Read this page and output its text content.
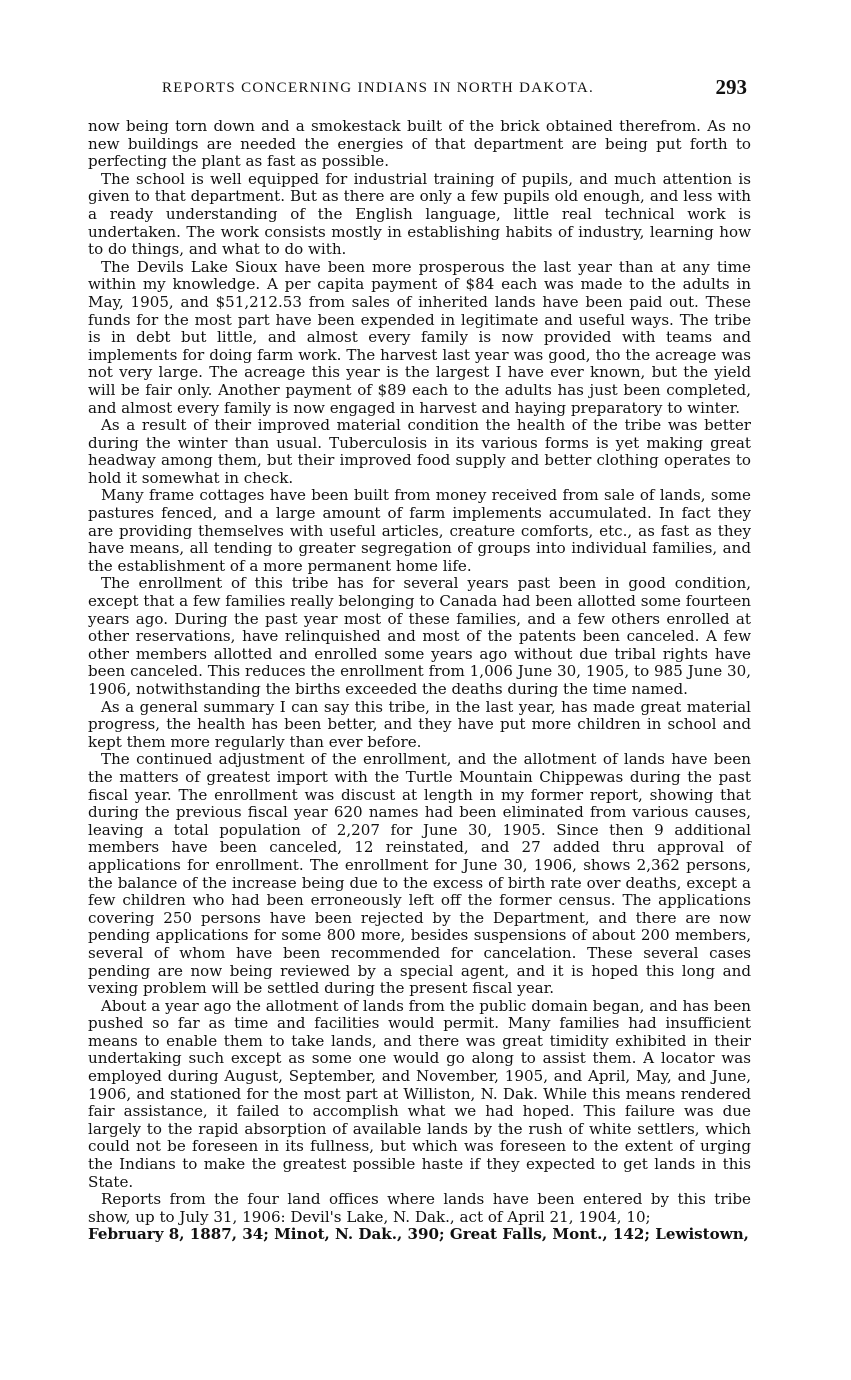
REPORTS CONCERNING INDIANS IN NORTH DAKOTA.	293

now being torn down and a smokestack built of the brick obtained therefrom. As no new buildings are needed the energies of that department are being put forth to perfecting the plant as fast as possible.

The school is well equipped for industrial training of pupils, and much attention is given to that department. But as there are only a few pupils old enough, and less with a ready understanding of the English language, little real technical work is undertaken. The work consists mostly in establishing habits of industry, learning how to do things, and what to do with.

The Devils Lake Sioux have been more prosperous the last year than at any time within my knowledge. A per capita payment of $84 each was made to the adults in May, 1905, and $51,212.53 from sales of inherited lands have been paid out. These funds for the most part have been expended in legitimate and useful ways. The tribe is in debt but little, and almost every family is now provided with teams and implements for doing farm work. The harvest last year was good, tho the acreage was not very large. The acreage this year is the largest I have ever known, but the yield will be fair only. Another payment of $89 each to the adults has just been completed, and almost every family is now engaged in harvest and haying preparatory to winter.

As a result of their improved material condition the health of the tribe was better during the winter than usual. Tuberculosis in its various forms is yet making great headway among them, but their improved food supply and better clothing operates to hold it somewhat in check.

Many frame cottages have been built from money received from sale of lands, some pastures fenced, and a large amount of farm implements accumulated. In fact they are providing themselves with useful articles, creature comforts, etc., as fast as they have means, all tending to greater segregation of groups into individual families, and the establishment of a more permanent home life.

The enrollment of this tribe has for several years past been in good condition, except that a few families really belonging to Canada had been allotted some fourteen years ago. During the past year most of these families, and a few others enrolled at other reservations, have relinquished and most of the patents been canceled. A few other members allotted and enrolled some years ago without due tribal rights have been canceled. This reduces the enrollment from 1,006 June 30, 1905, to 985 June 30, 1906, notwithstanding the births exceeded the deaths during the time named.

As a general summary I can say this tribe, in the last year, has made great material progress, the health has been better, and they have put more children in school and kept them more regularly than ever before.

The continued adjustment of the enrollment, and the allotment of lands have been the matters of greatest import with the Turtle Mountain Chippewas during the past fiscal year. The enrollment was discust at length in my former report, showing that during the previous fiscal year 620 names had been eliminated from various causes, leaving a total population of 2,207 for June 30, 1905. Since then 9 additional members have been canceled, 12 reinstated, and 27 added thru approval of applications for enrollment. The enrollment for June 30, 1906, shows 2,362 persons, the balance of the increase being due to the excess of birth rate over deaths, except a few children who had been erroneously left off the former census. The applications covering 250 persons have been rejected by the Department, and there are now pending applications for some 800 more, besides suspensions of about 200 members, several of whom have been recommended for cancelation. These several cases pending are now being reviewed by a special agent, and it is hoped this long and vexing problem will be settled during the present fiscal year.

About a year ago the allotment of lands from the public domain began, and has been pushed so far as time and facilities would permit. Many families had insufficient means to enable them to take lands, and there was great timidity exhibited in their undertaking such except as some one would go along to assist them. A locator was employed during August, September, and November, 1905, and April, May, and June, 1906, and stationed for the most part at Williston, N. Dak. While this means rendered fair assistance, it failed to accomplish what we had hoped. This failure was due largely to the rapid absorption of available lands by the rush of white settlers, which could not be foreseen in its fullness, but which was foreseen to the extent of urging the Indians to make the greatest possible haste if they expected to get lands in this State.

Reports from the four land offices where lands have been entered by this tribe show, up to July 31, 1906: Devil's Lake, N. Dak., act of April 21, 1904, 10;

February 8, 1887, 34; Minot, N. Dak., 390; Great Falls, Mont., 142; Lewistown,
